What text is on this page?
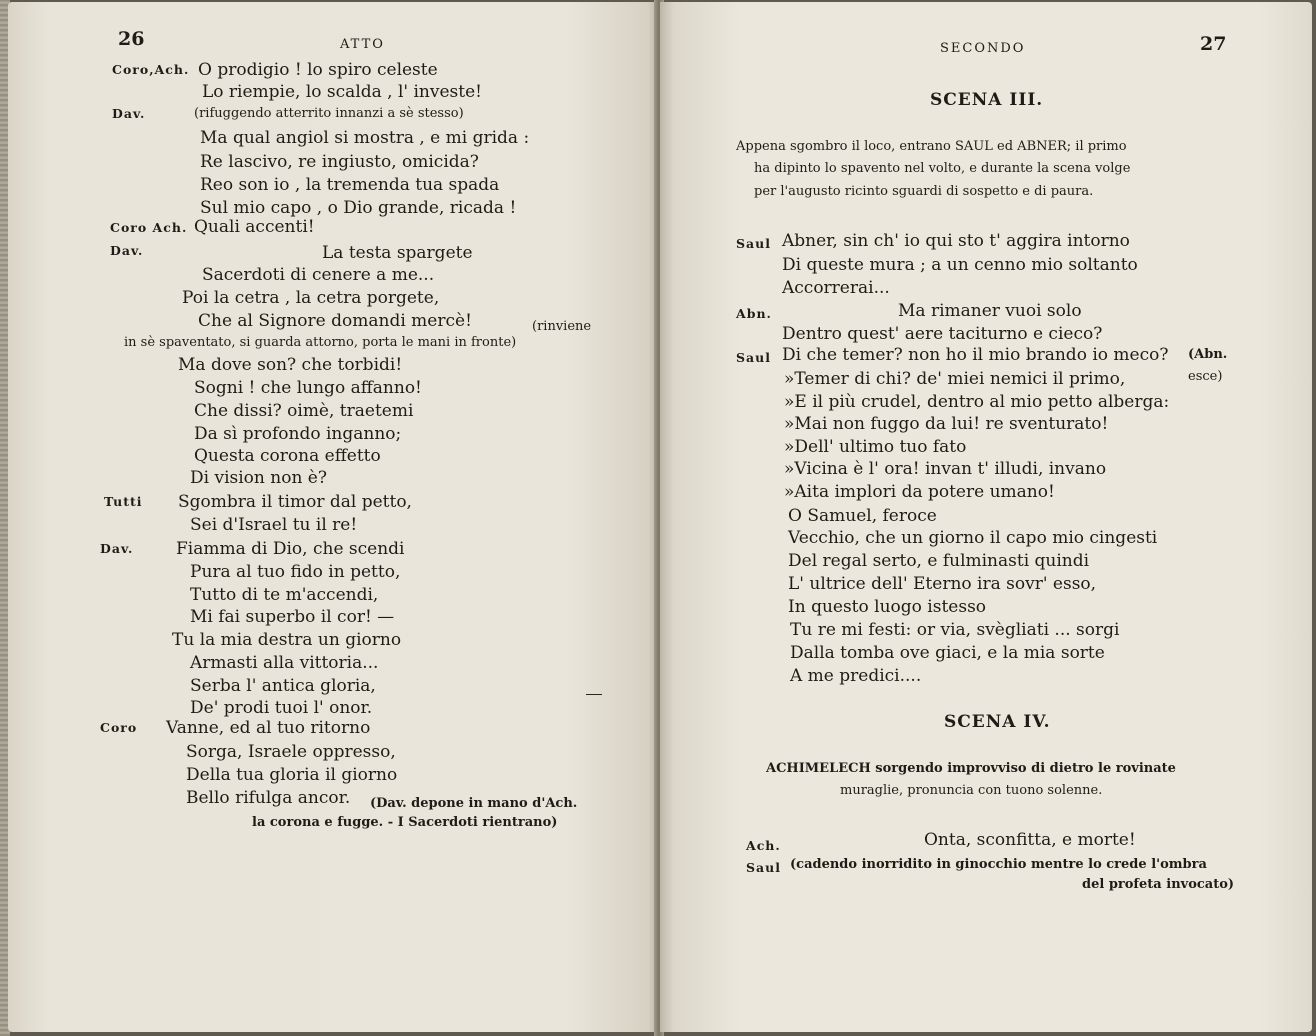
26	ATTO
Coro,Ach. O prodigio ! lo spiro celeste
Lo riempie, lo scalda , l' investe!
Dav.	(rifuggendo atterrito innanzi a sè stesso)
Ma qual angiol si mostra , e mi grida :
Re lascivo, re ingiusto, omicida?
Reo son io , la tremenda tua spada
Sul mio capo , o Dio grande, ricada !
Coro Ach. Quali accenti!
Dav.	La testa spargete
Sacerdoti di cenere a me...
Poi la cetra , la cetra porgete,
Che al Signore domandi mercè!	(rinviene
in sè spaventato, si guarda attorno, porta le mani in fronte)
Ma dove son? che torbidi!
Sogni ! che lungo affanno!
Che dissi? oimè, traetemi
Da sì profondo inganno;
Questa corona effetto
Di vision non è?
Tutti Sgombra il timor dal petto,
Sei d'Israel tu il re!
Dav.	Fiamma di Dio, che scendi
Pura al tuo fido in petto,
Tutto di te m'accendi,
Mi fai superbo il cor! —
Tu la mia destra un giorno
Armasti alla vittoria...
Serba l' antica gloria,
De' prodi tuoi l' onor.
Coro Vanne, ed al tuo ritorno
Sorga, Israele oppresso,
Della tua gloria il giorno
Bello rifulga ancor. (Dav. depone in mano d'Ach.
la corona e fugge. - I Sacerdoti rientrano)
SECONDO	27
SCENA III.
Appena sgombro il loco, entrano SAUL ed ABNER; il primo
ha dipinto lo spavento nel volto, e durante la scena volge
per l'augusto ricinto sguardi di sospetto e di paura.
Saul Abner, sin ch' io qui sto t' aggira intorno
Di queste mura ; a un cenno mio soltanto
Accorrerai...
Abn.	Ma rimaner vuoi solo
Dentro quest' aere taciturno e cieco?
Saul Di che temer? non ho il mio brando io meco? (Abn.
»Temer di chi? de' miei nemici il primo,	esce)
»E il più crudel, dentro al mio petto alberga:
»Mai non fuggo da lui! re sventurato!
»Dell' ultimo tuo fato
»Vicina è l' ora! invan t' illudi, invano
»Aita implori da potere umano!
O Samuel, feroce
Vecchio, che un giorno il capo mio cingesti
Del regal serto, e fulminasti quindi
L' ultrice dell' Eterno ira sovr' esso,
In questo luogo istesso
Tu re mi festi: or via, svègliati ... sorgi
Dalla tomba ove giaci, e la mia sorte
A me predici....
SCENA IV.
ACHIMELECH sorgendo improvviso di dietro le rovinate
muraglie, pronuncia con tuono solenne.
Ach.	Onta, sconfitta, e morte!
Saul (cadendo inorridito in ginocchio mentre lo crede l'ombra
del profeta invocato)
